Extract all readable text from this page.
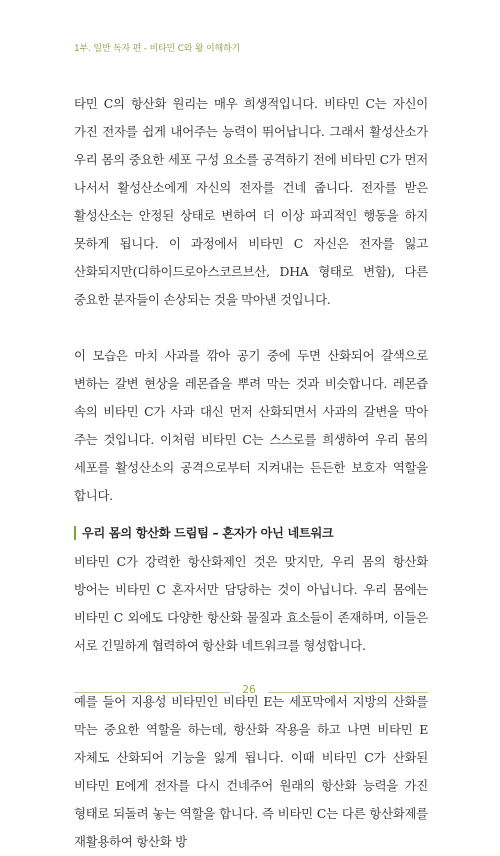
1부. 일반 독자 편 - 비타민 C와 왕 이해하기

타민 C의 항산화 원리는 매우 희생적입니다. 비타민 C는 자신이 가진 전자를 쉽게 내어주는 능력이 뛰어납니다. 그래서 활성산소가 우리 몸의 중요한 세포 구성 요소를 공격하기 전에 비타민 C가 먼저 나서서 활성산소에게 자신의 전자를 건네 줍니다. 전자를 받은 활성산소는 안정된 상태로 변하여 더 이상 파괴적인 행동을 하지 못하게 됩니다. 이 과정에서 비타민 C 자신은 전자를 잃고 산화되지만(디하이드로아스코르브산, DHA 형태로 변함), 다른 중요한 분자들이 손상되는 것을 막아낸 것입니다.

이 모습은 마치 사과를 깎아 공기 중에 두면 산화되어 갈색으로 변하는 갈변 현상을 레몬즙을 뿌려 막는 것과 비슷합니다. 레몬즙 속의 비타민 C가 사과 대신 먼저 산화되면서 사과의 갈변을 막아 주는 것입니다. 이처럼 비타민 C는 스스로를 희생하여 우리 몸의 세포를 활성산소의 공격으로부터 지켜내는 든든한 보호자 역할을 합니다.

우리 몸의 항산화 드림팀 – 혼자가 아닌 네트워크

비타민 C가 강력한 항산화제인 것은 맞지만, 우리 몸의 항산화 방어는 비타민 C 혼자서만 담당하는 것이 아닙니다. 우리 몸에는 비타민 C 외에도 다양한 항산화 물질과 효소들이 존재하며, 이들은 서로 긴밀하게 협력하여 항산화 네트워크를 형성합니다.

예를 들어 지용성 비타민인 비타민 E는 세포막에서 지방의 산화를 막는 중요한 역할을 하는데, 항산화 작용을 하고 나면 비타민 E 자체도 산화되어 기능을 잃게 됩니다. 이때 비타민 C가 산화된 비타민 E에게 전자를 다시 건네주어 원래의 항산화 능력을 가진 형태로 되돌려 놓는 역할을 합니다. 즉 비타민 C는 다른 항산화제를 재활용하여 항산화 방

26
